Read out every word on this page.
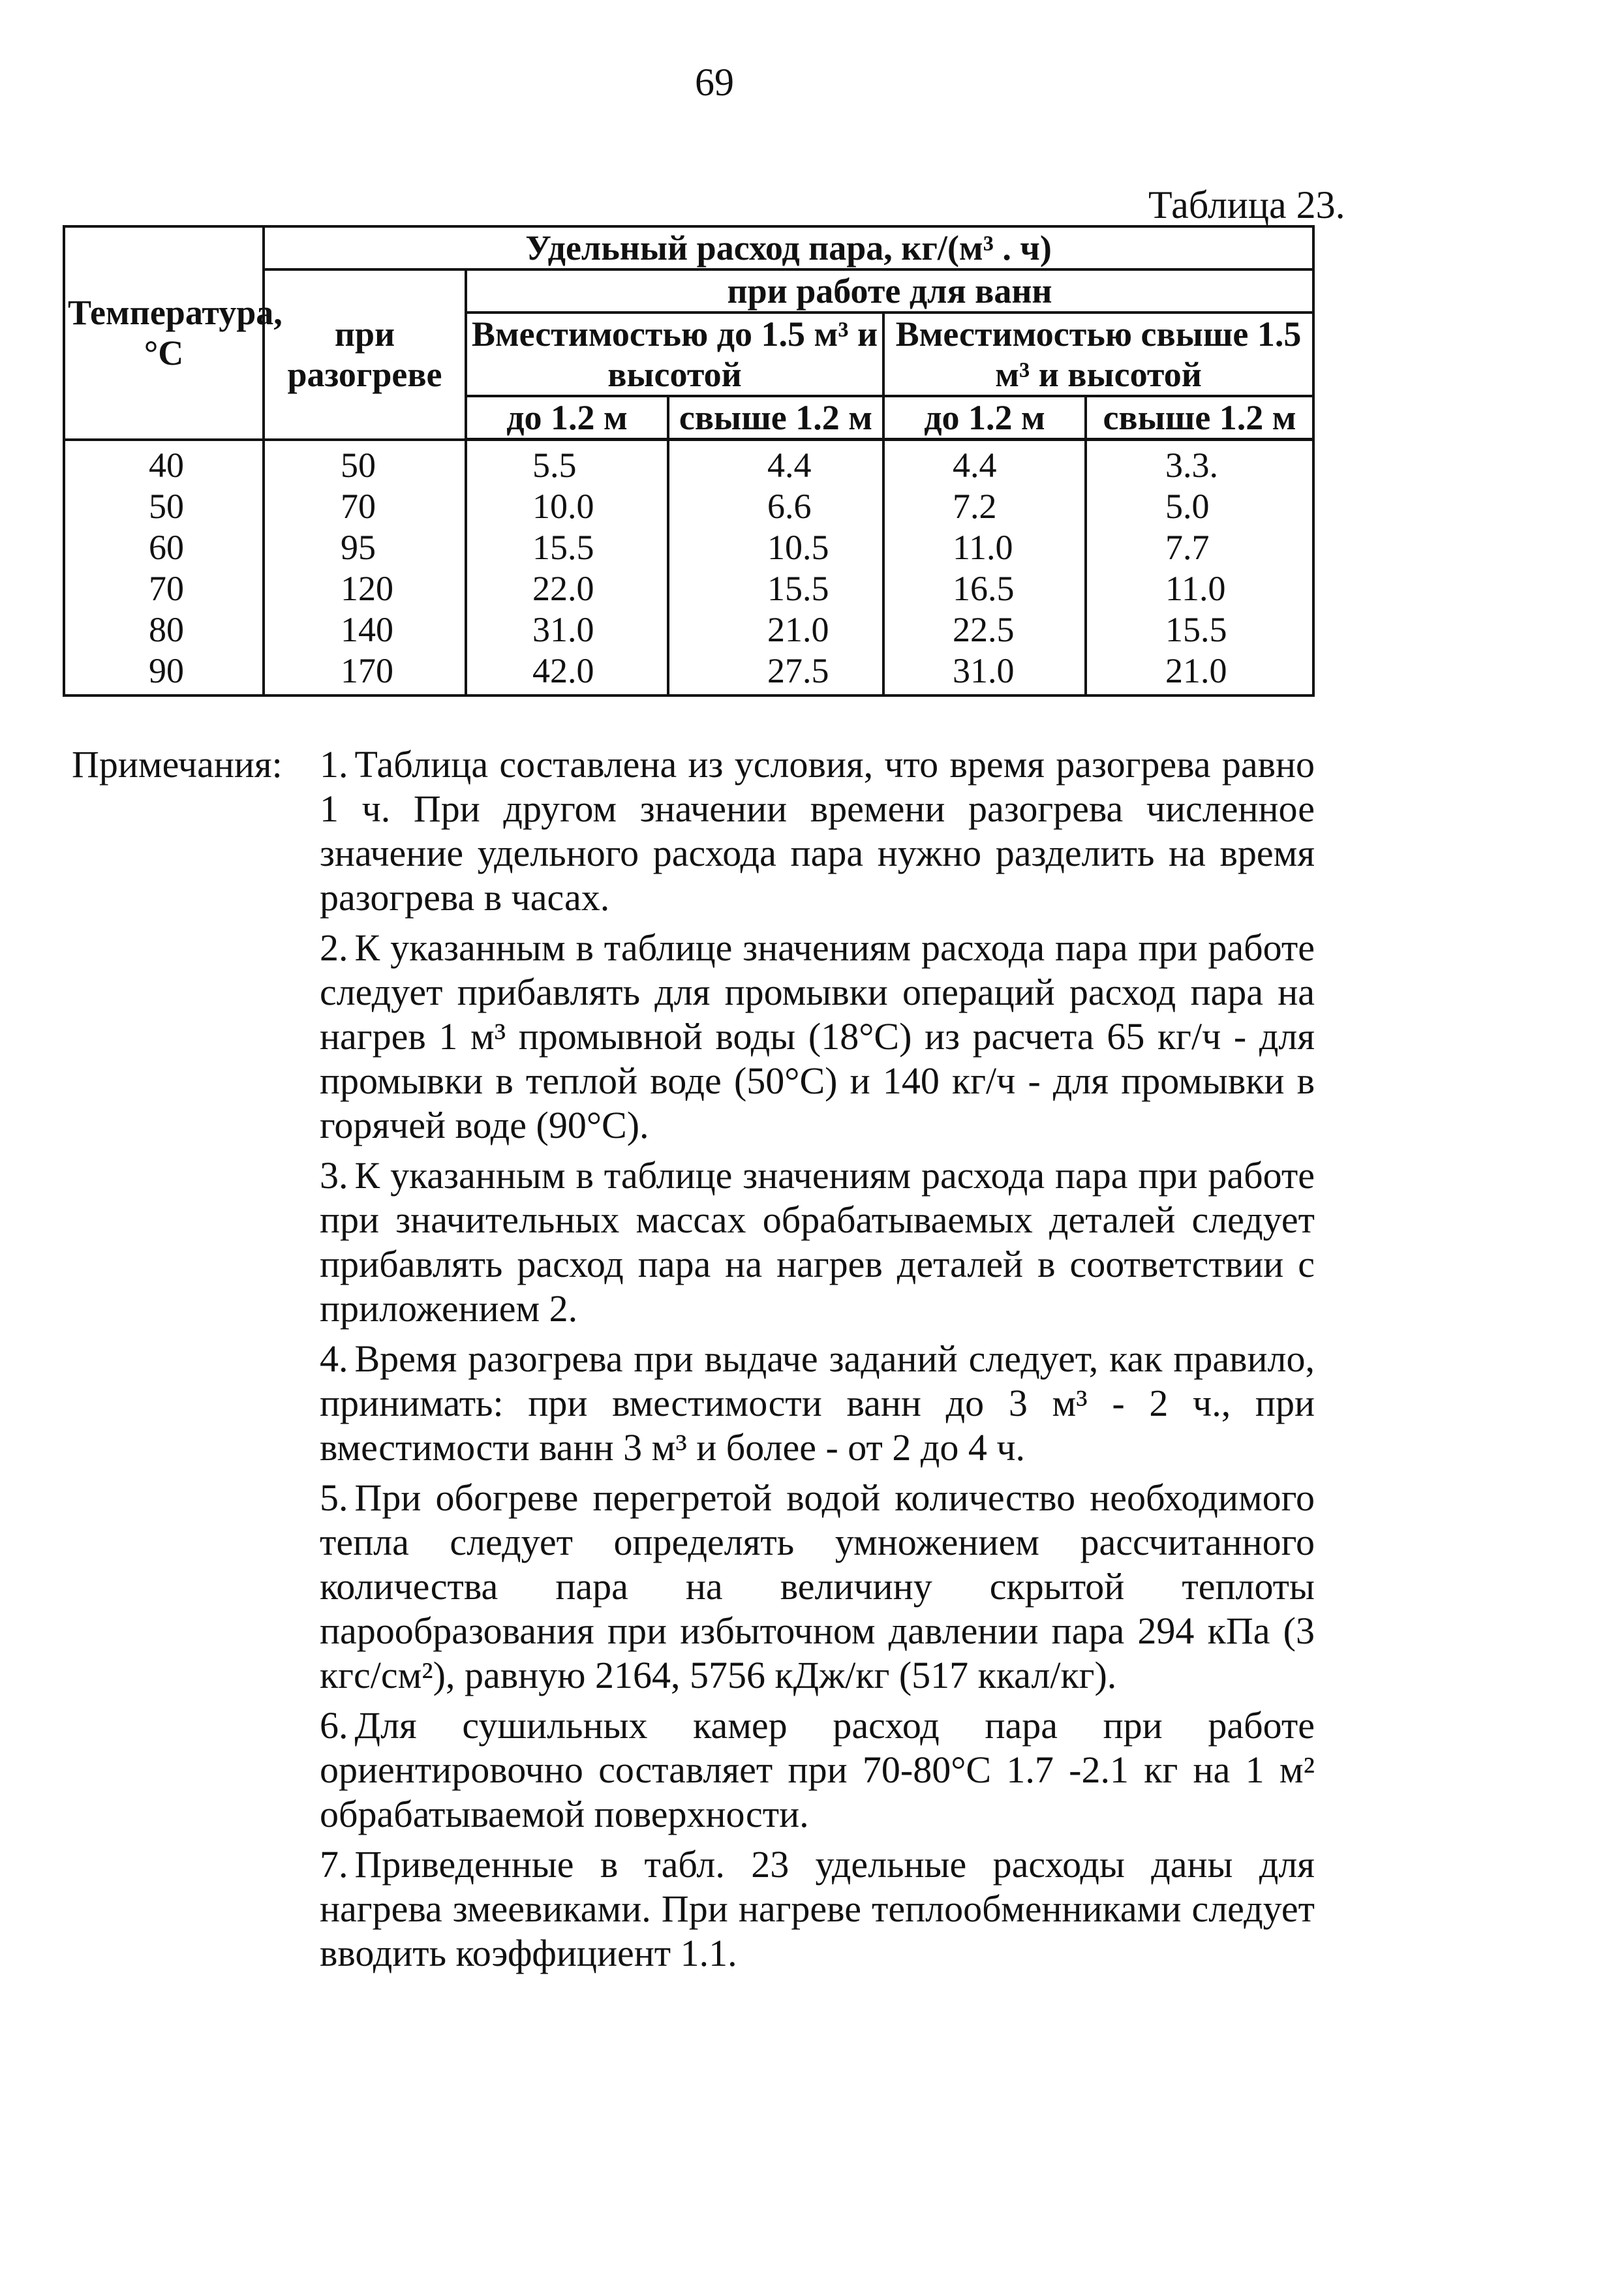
69
Таблица 23.
Температура, °С	Удельный расход пара, кг/(м³ . ч)				
	при разогреве	при работе для ванн			
		Вместимостью до 1.5 м³ и высотой		Вместимостью свыше 1.5 м³ и высотой	
		до 1.2 м	свыше 1.2 м	до 1.2 м	свыше 1.2 м
40	50	5.5	4.4	4.4	3.3.
50	70	10.0	6.6	7.2	5.0
60	95	15.5	10.5	11.0	7.7
70	120	22.0	15.5	16.5	11.0
80	140	31.0	21.0	22.5	15.5
90	170	42.0	27.5	31.0	21.0
Примечания: 1. Таблица составлена из условия, что время разогрева равно 1 ч. При другом значении времени разогрева численное значение удельного расхода пара нужно разделить на время разогрева в часах.

2. К указанным в таблице значениям расхода пара при работе следует прибавлять для промывки операций расход пара на нагрев 1 м³ промывной воды (18°С) из расчета 65 кг/ч - для промывки в теплой воде (50°С) и 140 кг/ч - для промывки в горячей воде (90°С).

3. К указанным в таблице значениям расхода пара при работе при значительных массах обрабатываемых деталей следует прибавлять расход пара на нагрев деталей в соответствии с приложением 2.

4. Время разогрева при выдаче заданий следует, как правило, принимать: при вместимости ванн до 3 м³ - 2 ч., при вместимости ванн 3 м³ и более - от 2 до 4 ч.

5. При обогреве перегретой водой количество необходимого тепла следует определять умножением рассчитанного количества пара на величину скрытой теплоты парообразования при избыточном давлении пара 294 кПа (3 кгс/см²), равную 2164, 5756 кДж/кг (517 ккал/кг).

6. Для сушильных камер расход пара при работе ориентировочно составляет при 70-80°С 1.7 -2.1 кг на 1 м² обрабатываемой поверхности.

7. Приведенные в табл. 23 удельные расходы даны для нагрева змеевиками. При нагреве теплообменниками следует вводить коэффициент 1.1.
